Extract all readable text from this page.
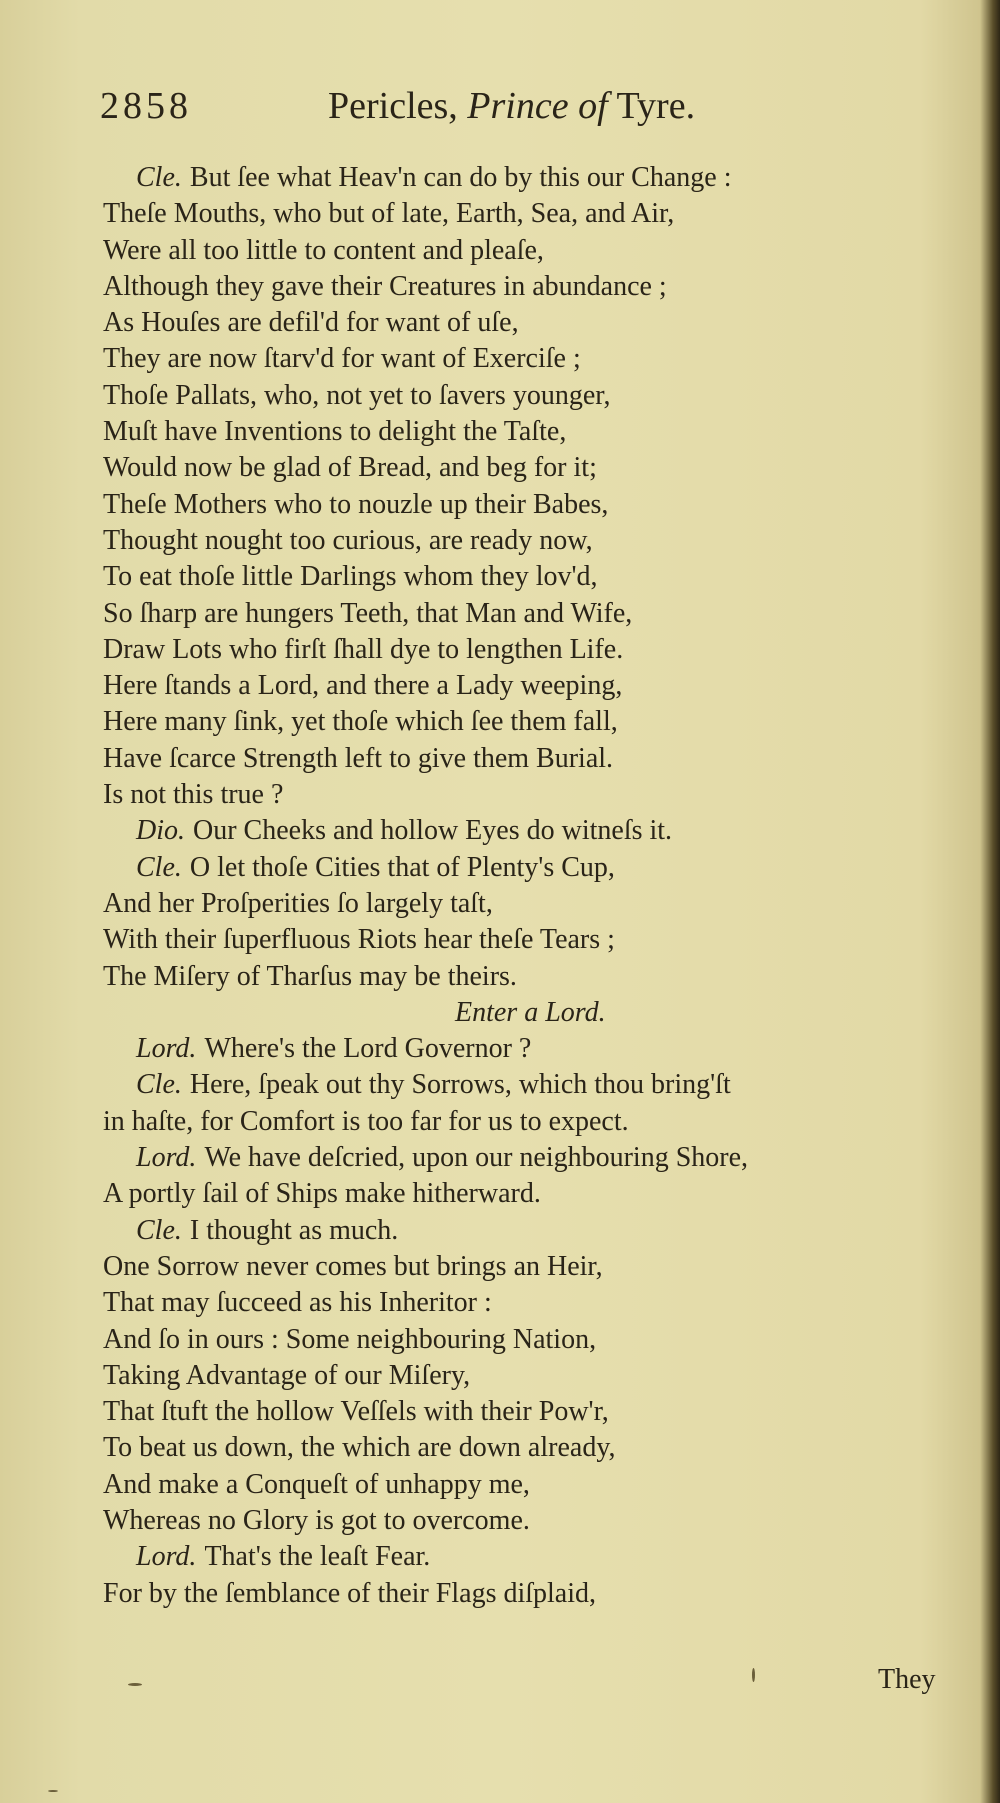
2858	Pericles, Prince of Tyre.
Cle. But ſee what Heav'n can do by this our Change :
Theſe Mouths, who but of late, Earth, Sea, and Air,
Were all too little to content and pleaſe,
Although they gave their Creatures in abundance ;
As Houſes are defil'd for want of uſe,
They are now ſtarv'd for want of Exerciſe ;
Thoſe Pallats, who, not yet to ſavers younger,
Muſt have Inventions to delight the Taſte,
Would now be glad of Bread, and beg for it;
Theſe Mothers who to nouzle up their Babes,
Thought nought too curious, are ready now,
To eat thoſe little Darlings whom they lov'd,
So ſharp are hungers Teeth, that Man and Wife,
Draw Lots who firſt ſhall dye to lengthen Life.
Here ſtands a Lord, and there a Lady weeping,
Here many ſink, yet thoſe which ſee them fall,
Have ſcarce Strength left to give them Burial.
Is not this true ?
Dio. Our Cheeks and hollow Eyes do witneſs it.
Cle. O let thoſe Cities that of Plenty's Cup,
And her Proſperities ſo largely taſt,
With their ſuperfluous Riots hear theſe Tears ;
The Miſery of Tharſus may be theirs.
Enter a Lord.
Lord. Where's the Lord Governor ?
Cle. Here, ſpeak out thy Sorrows, which thou bring'ſt
in haſte, for Comfort is too far for us to expect.
Lord. We have deſcried, upon our neighbouring Shore,
A portly ſail of Ships make hitherward.
Cle. I thought as much.
One Sorrow never comes but brings an Heir,
That may ſucceed as his Inheritor :
And ſo in ours : Some neighbouring Nation,
Taking Advantage of our Miſery,
That ſtuft the hollow Veſſels with their Pow'r,
To beat us down, the which are down already,
And make a Conqueſt of unhappy me,
Whereas no Glory is got to overcome.
Lord. That's the leaſt Fear.
For by the ſemblance of their Flags diſplaid,
They
